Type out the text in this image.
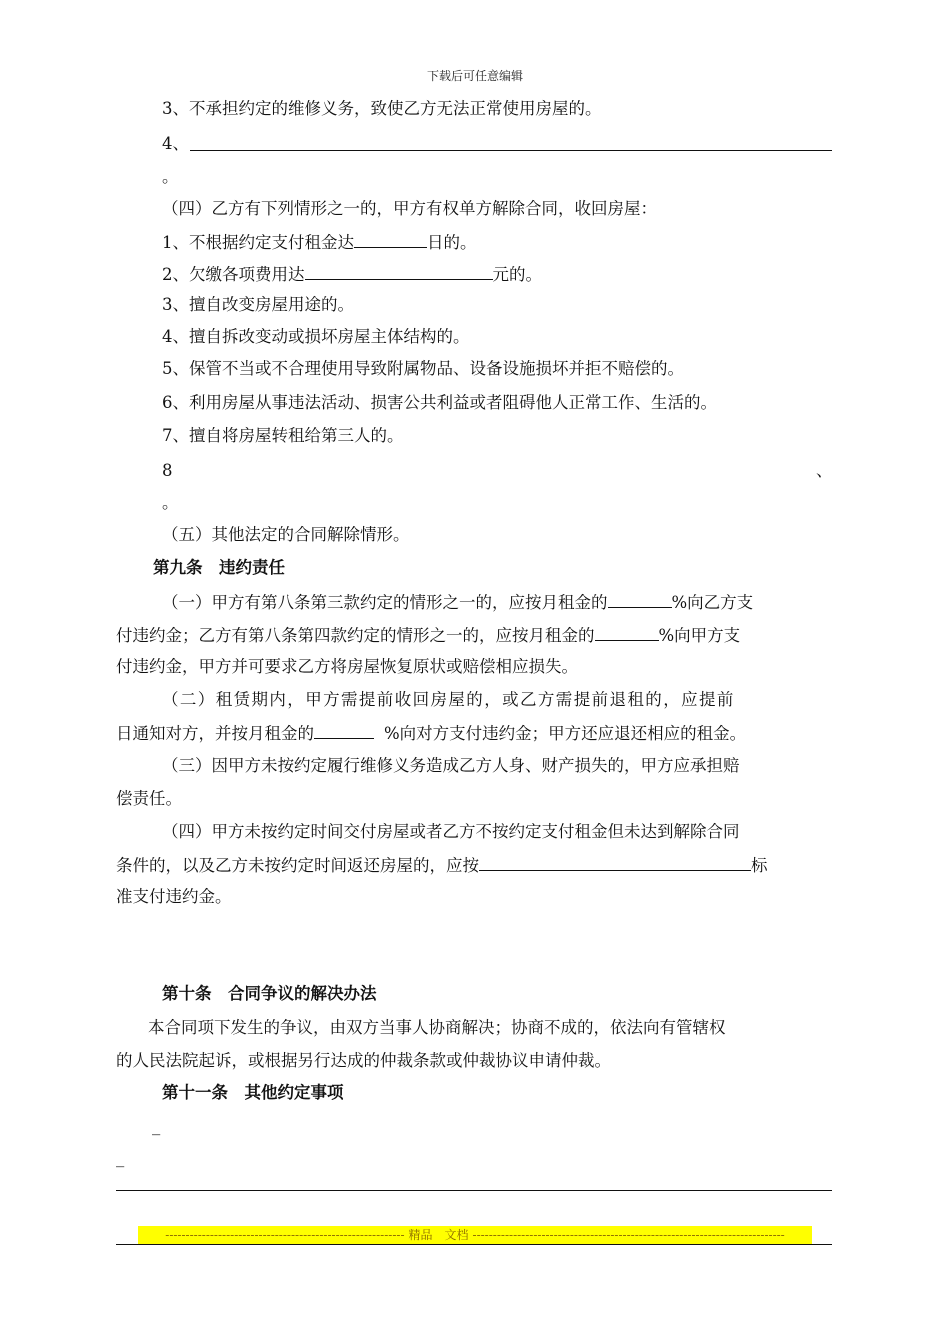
下载后可任意编辑
3、不承担约定的维修义务，致使乙方无法正常使用房屋的。
4、
。
（四）乙方有下列情形之一的，甲方有权单方解除合同，收回房屋：
1、不根据约定支付租金达	日的。
2、欠缴各项费用达	元的。
3、擅自改变房屋用途的。
4、擅自拆改变动或损坏房屋主体结构的。
5、保管不当或不合理使用导致附属物品、设备设施损坏并拒不赔偿的。
6、利用房屋从事违法活动、损害公共利益或者阻碍他人正常工作、生活的。
7、擅自将房屋转租给第三人的。
8	、
。
（五）其他法定的合同解除情形。
第九条　违约责任
（一）甲方有第八条第三款约定的情形之一的，应按月租金的	%向乙方支
付违约金；乙方有第八条第四款约定的情形之一的，应按月租金的	%向甲方支
付违约金，甲方并可要求乙方将房屋恢复原状或赔偿相应损失。
（二）租赁期内，甲方需提前收回房屋的，或乙方需提前退租的，应提前
日通知对方，并按月租金的	%向对方支付违约金；甲方还应退还相应的租金。
（三）因甲方未按约定履行维修义务造成乙方人身、财产损失的，甲方应承担赔
偿责任。
（四）甲方未按约定时间交付房屋或者乙方不按约定支付租金但未达到解除合同
条件的，以及乙方未按约定时间返还房屋的，应按	标
准支付违约金。
第十条　合同争议的解决办法
本合同项下发生的争议，由双方当事人协商解决；协商不成的，依法向有管辖权
的人民法院起诉，或根据另行达成的仲裁条款或仲裁协议申请仲裁。
第十一条　其他约定事项
_
_
----------------------------------------------------------- 精品　文档 -----------------------------------------------------------------------------
